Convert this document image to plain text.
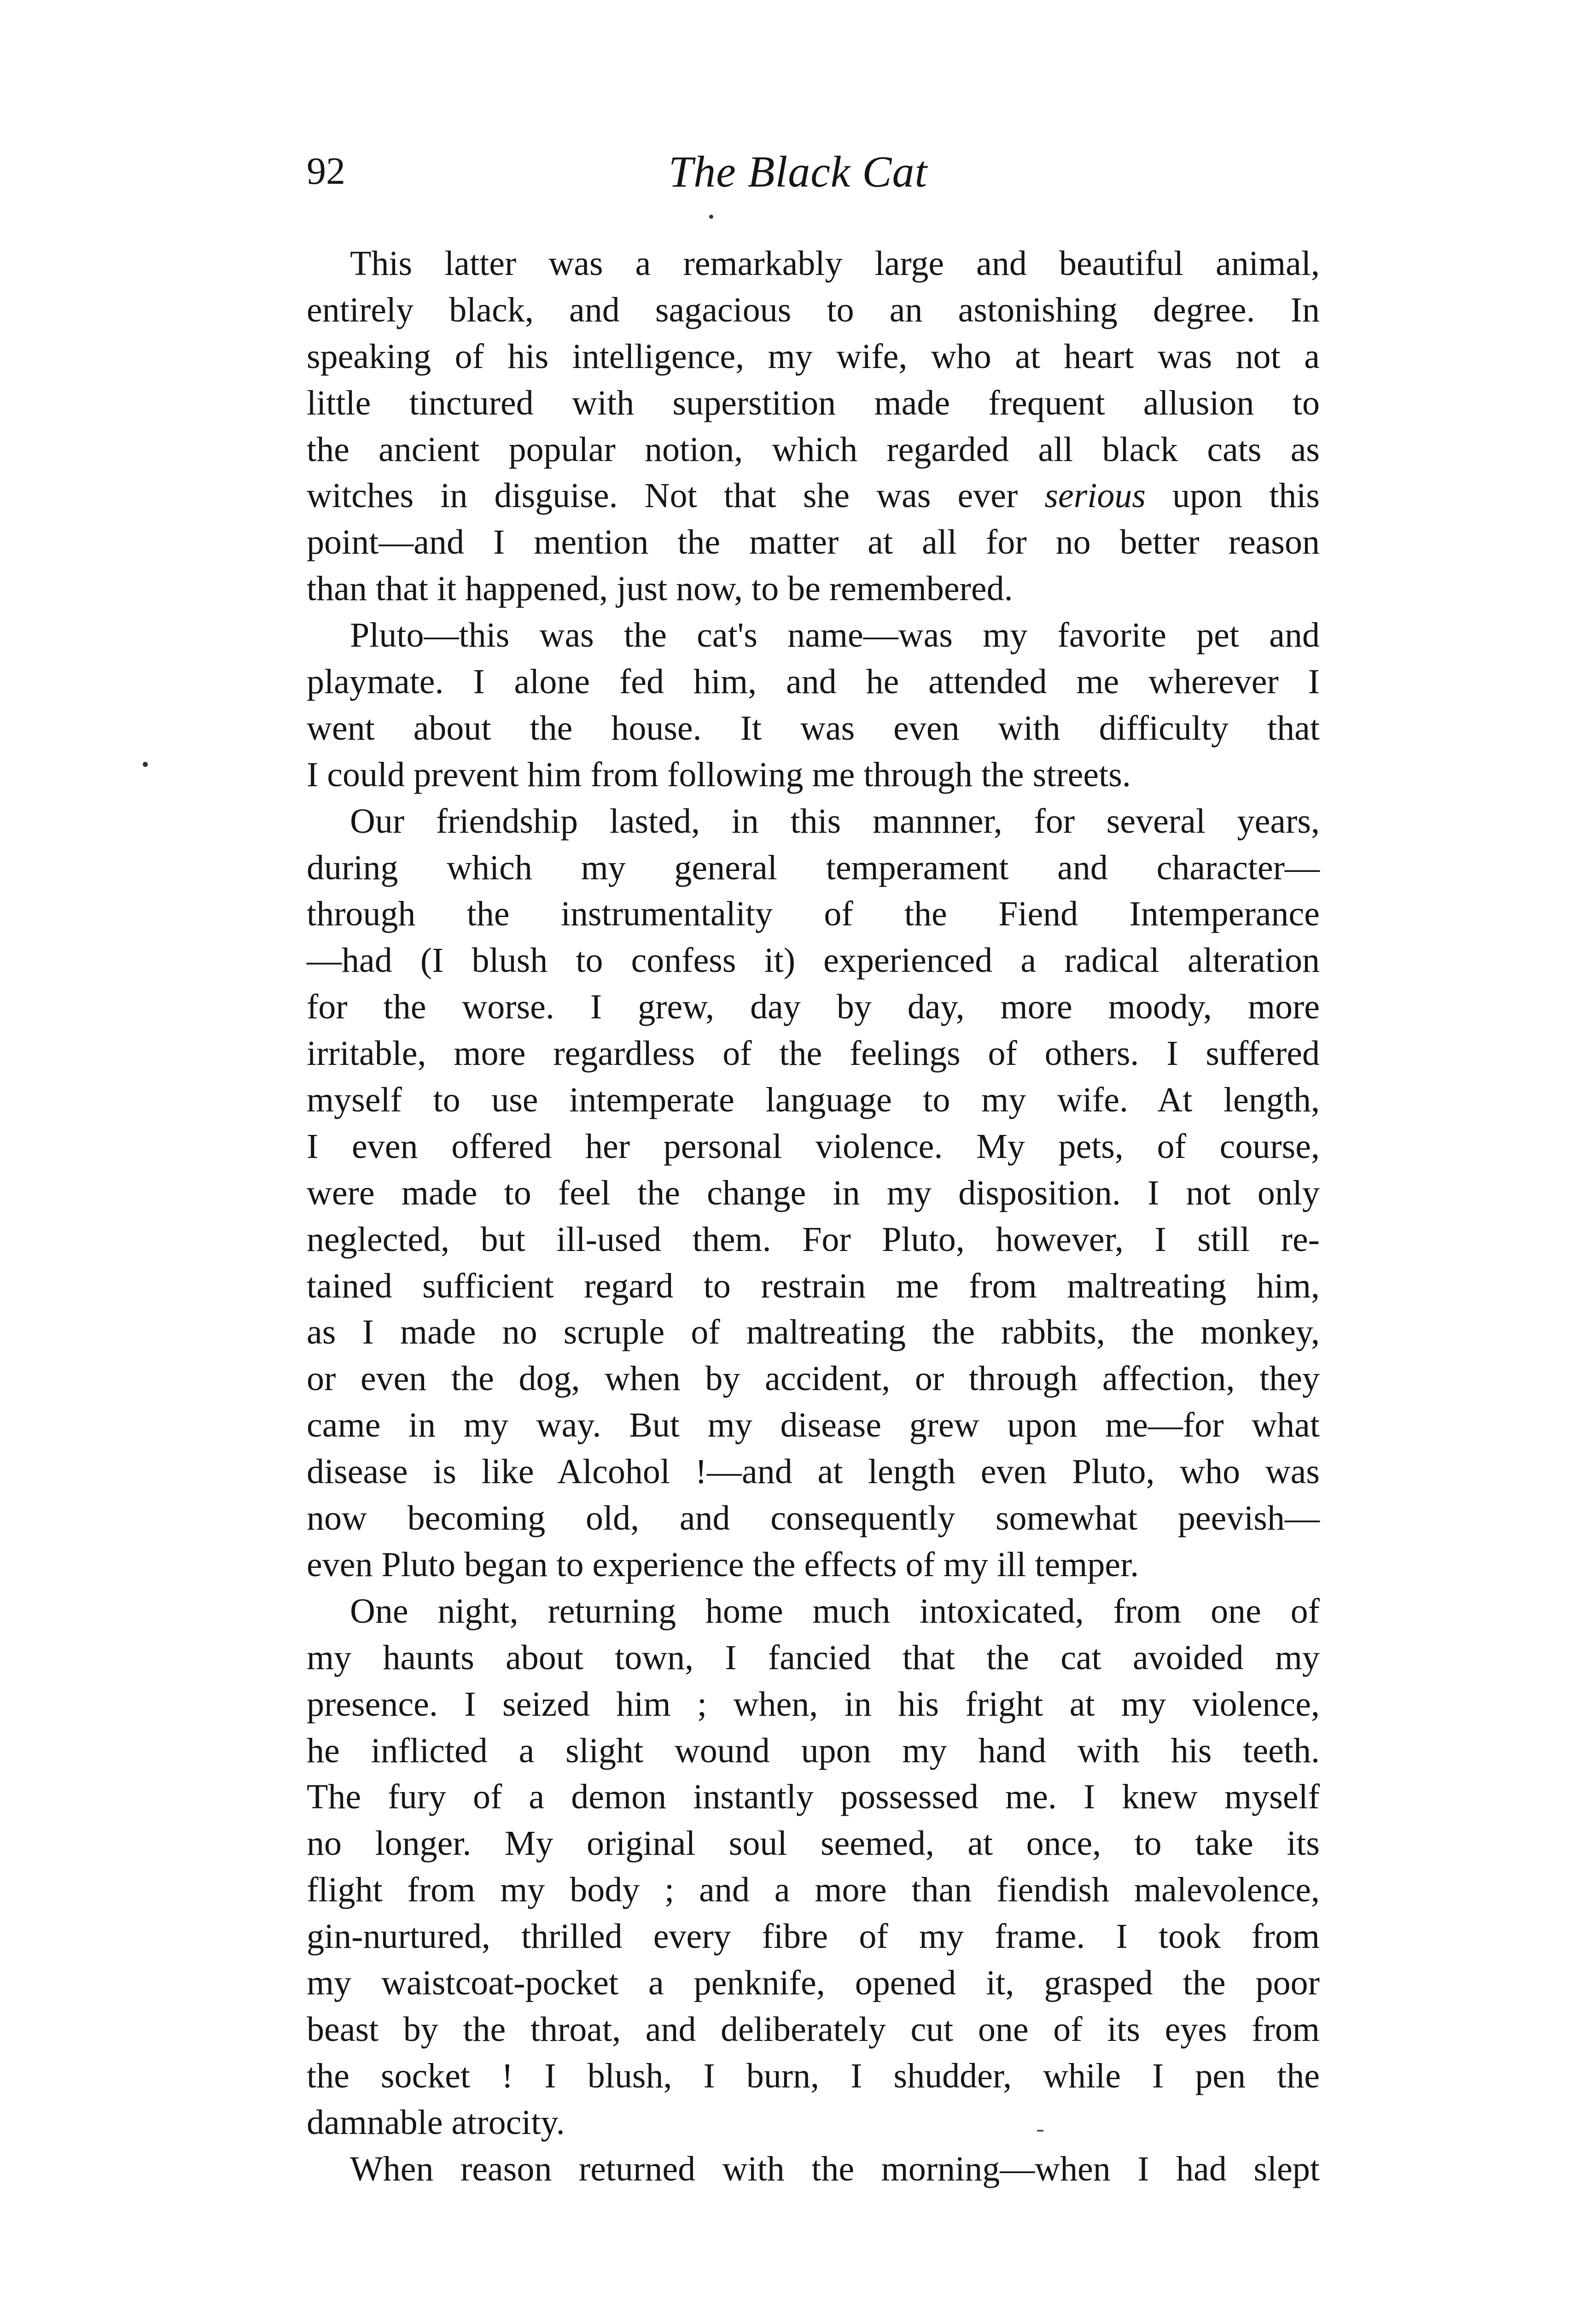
92	The Black Cat
This latter was a remarkably large and beautiful animal,
entirely black, and sagacious to an astonishing degree. In
speaking of his intelligence, my wife, who at heart was not a
little tinctured with superstition made frequent allusion to
the ancient popular notion, which regarded all black cats as
witches in disguise. Not that she was ever serious upon this
point—and I mention the matter at all for no better reason
than that it happened, just now, to be remembered.
Pluto—this was the cat's name—was my favorite pet and
playmate. I alone fed him, and he attended me wherever I
went about the house. It was even with difficulty that
I could prevent him from following me through the streets.
Our friendship lasted, in this mannner, for several years,
during which my general temperament and character—
through the instrumentality of the Fiend Intemperance
—had (I blush to confess it) experienced a radical alteration
for the worse. I grew, day by day, more moody, more
irritable, more regardless of the feelings of others. I suffered
myself to use intemperate language to my wife. At length,
I even offered her personal violence. My pets, of course,
were made to feel the change in my disposition. I not only
neglected, but ill-used them. For Pluto, however, I still re-
tained sufficient regard to restrain me from maltreating him,
as I made no scruple of maltreating the rabbits, the monkey,
or even the dog, when by accident, or through affection, they
came in my way. But my disease grew upon me—for what
disease is like Alcohol !—and at length even Pluto, who was
now becoming old, and consequently somewhat peevish—
even Pluto began to experience the effects of my ill temper.
One night, returning home much intoxicated, from one of
my haunts about town, I fancied that the cat avoided my
presence. I seized him ; when, in his fright at my violence,
he inflicted a slight wound upon my hand with his teeth.
The fury of a demon instantly possessed me. I knew myself
no longer. My original soul seemed, at once, to take its
flight from my body ; and a more than fiendish malevolence,
gin-nurtured, thrilled every fibre of my frame. I took from
my waistcoat-pocket a penknife, opened it, grasped the poor
beast by the throat, and deliberately cut one of its eyes from
the socket ! I blush, I burn, I shudder, while I pen the
damnable atrocity.
When reason returned with the morning—when I had slept
